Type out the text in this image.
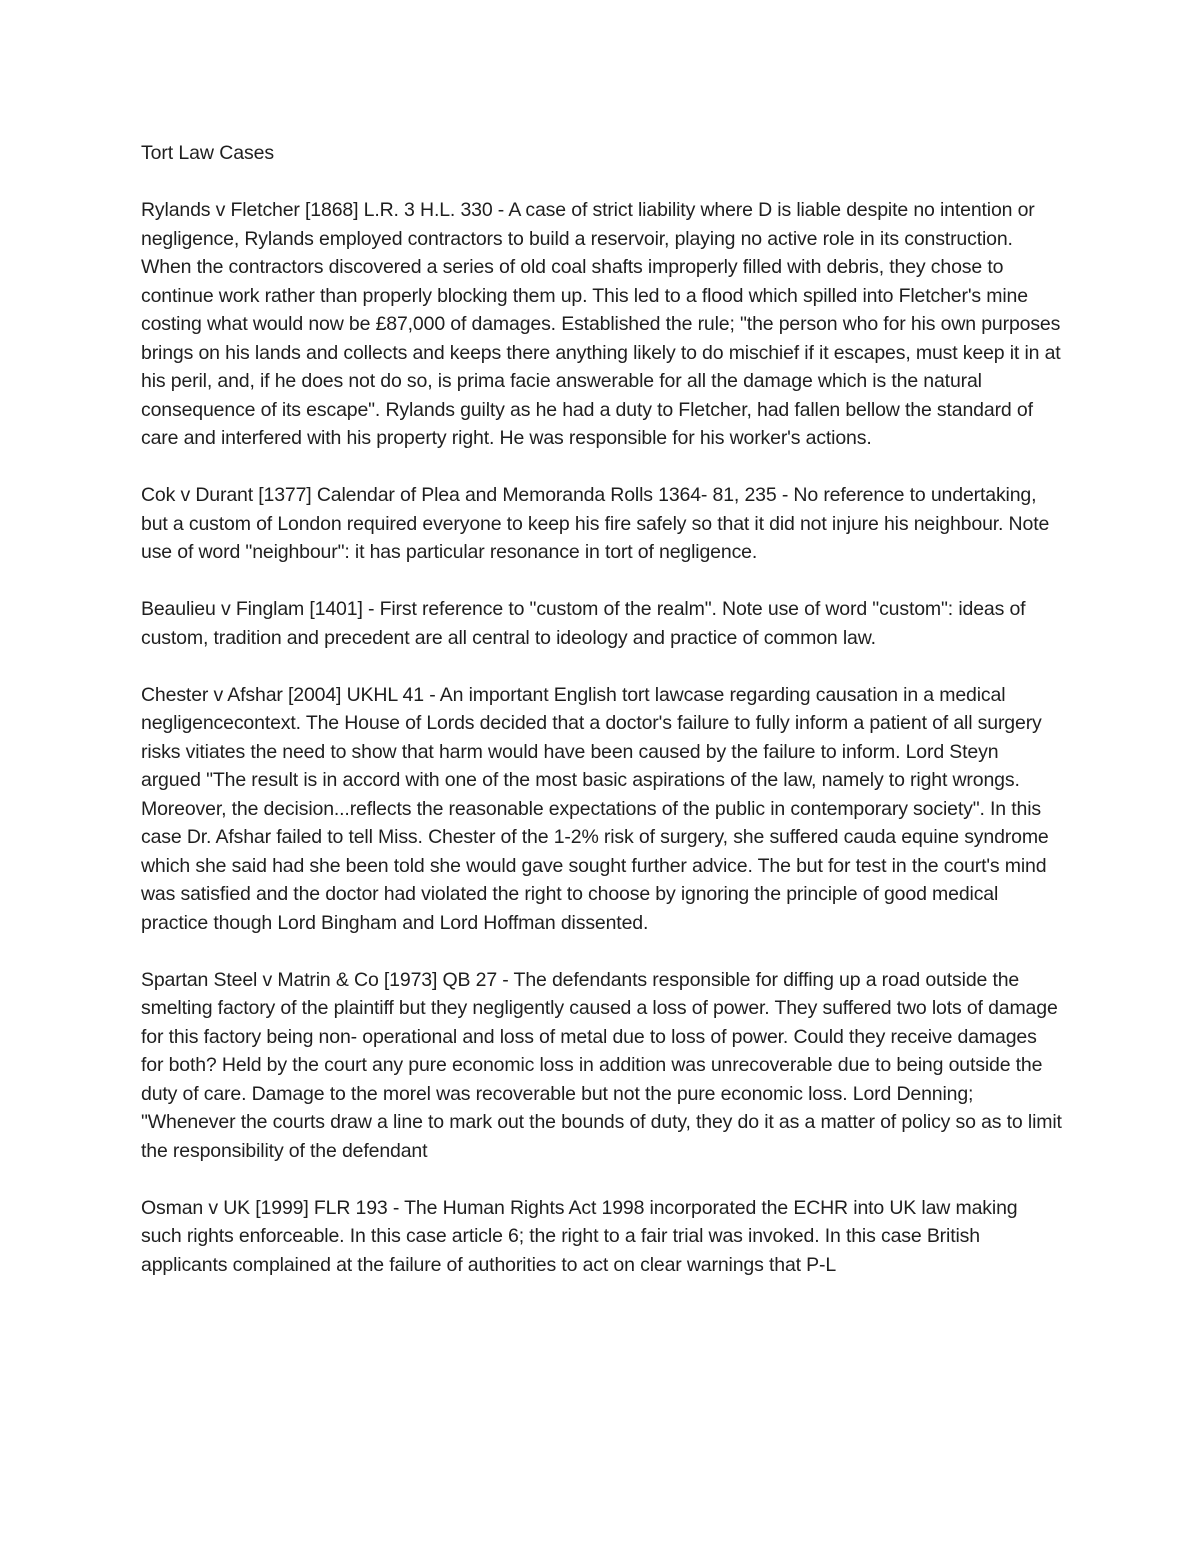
Tort Law Cases

Rylands v Fletcher [1868] L.R. 3 H.L. 330 - A case of strict liability where D is liable despite no intention or negligence, Rylands employed contractors to build a reservoir, playing no active role in its construction. When the contractors discovered a series of old coal shafts improperly filled with debris, they chose to continue work rather than properly blocking them up. This led to a flood which spilled into Fletcher's mine costing what would now be £87,000 of damages. Established the rule; "the person who for his own purposes brings on his lands and collects and keeps there anything likely to do mischief if it escapes, must keep it in at his peril, and, if he does not do so, is prima facie answerable for all the damage which is the natural consequence of its escape". Rylands guilty as he had a duty to Fletcher, had fallen bellow the standard of care and interfered with his property right. He was responsible for his worker's actions.

Cok v Durant [1377] Calendar of Plea and Memoranda Rolls 1364- 81, 235 - No reference to undertaking, but a custom of London required everyone to keep his fire safely so that it did not injure his neighbour. Note use of word "neighbour": it has particular resonance in tort of negligence.

Beaulieu v Finglam [1401] - First reference to "custom of the realm". Note use of word "custom": ideas of custom, tradition and precedent are all central to ideology and practice of common law.

Chester v Afshar [2004] UKHL 41 - An important English tort lawcase regarding causation in a medical negligencecontext. The House of Lords decided that a doctor's failure to fully inform a patient of all surgery risks vitiates the need to show that harm would have been caused by the failure to inform. Lord Steyn argued "The result is in accord with one of the most basic aspirations of the law, namely to right wrongs. Moreover, the decision...reflects the reasonable expectations of the public in contemporary society". In this case Dr. Afshar failed to tell Miss. Chester of the 1-2% risk of surgery, she suffered cauda equine syndrome which she said had she been told she would gave sought further advice. The but for test in the court's mind was satisfied and the doctor had violated the right to choose by ignoring the principle of good medical practice though Lord Bingham and Lord Hoffman dissented.

Spartan Steel v Matrin & Co [1973] QB 27 - The defendants responsible for diffing up a road outside the smelting factory of the plaintiff but they negligently caused a loss of power. They suffered two lots of damage for this factory being non- operational and loss of metal due to loss of power. Could they receive damages for both? Held by the court any pure economic loss in addition was unrecoverable due to being outside the duty of care. Damage to the morel was recoverable but not the pure economic loss. Lord Denning; "Whenever the courts draw a line to mark out the bounds of duty, they do it as a matter of policy so as to limit the responsibility of the defendant

Osman v UK [1999] FLR 193 - The Human Rights Act 1998 incorporated the ECHR into UK law making such rights enforceable. In this case article 6; the right to a fair trial was invoked. In this case British applicants complained at the failure of authorities to act on clear warnings that P-L
